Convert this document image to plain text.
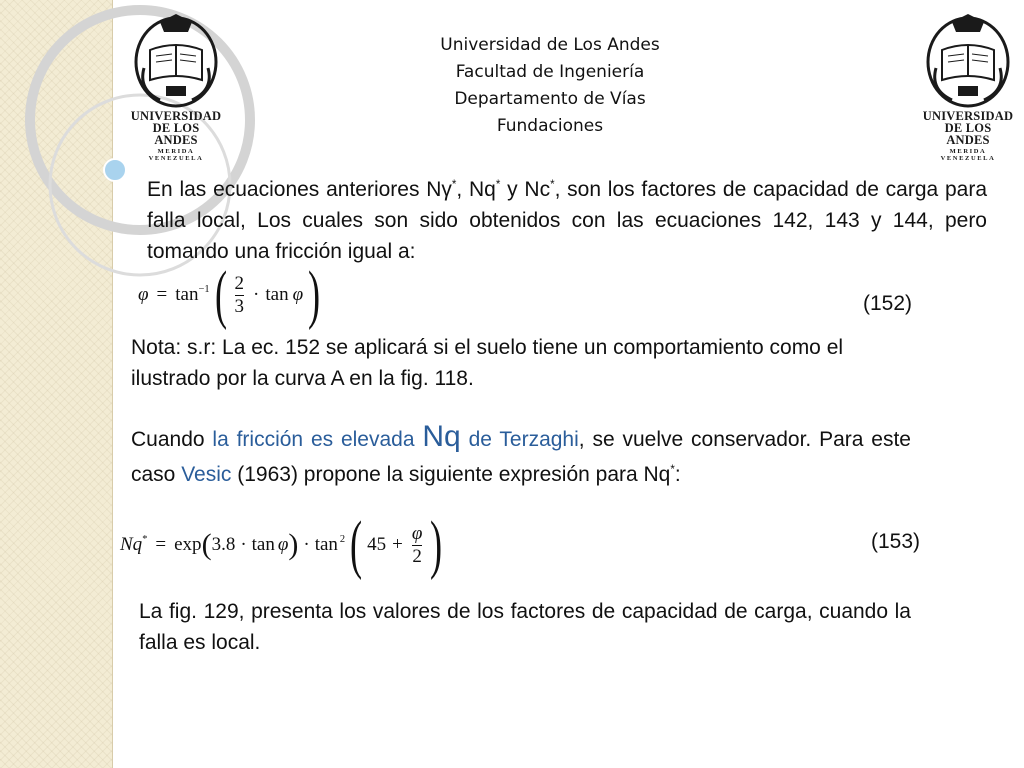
UNIVERSIDAD
DE LOS ANDES
MERIDA VENEZUELA
UNIVERSIDAD
DE LOS ANDES
MERIDA VENEZUELA
Universidad de Los Andes
Facultad de Ingeniería
Departamento de Vías
Fundaciones
En las ecuaciones anteriores Nγ*, Nq* y Nc*, son los factores de capacidad de carga para falla local, Los cuales son sido obtenidos con las ecuaciones 142, 143 y 144, pero tomando una fricción igual a:
$\varphi = \tan^{-1}$ ( $\frac{2}{3} \cdot \tan \varphi$ )	(152)
Nota: s.r: La ec. 152 se aplicará si el suelo tiene un comportamiento como el ilustrado por la curva A en la fig. 118.
Cuando la fricción es elevada Nq de Terzaghi, se vuelve conservador. Para este caso Vesic (1963) propone la siguiente expresión para Nq*:
Nq* = exp ( 3.8 · tan φ ) · $\tan^2$ ( $45 + \frac{\varphi}{2}$ )	(153)
La fig. 129, presenta los valores de los factores de capacidad de carga, cuando la falla es local.
